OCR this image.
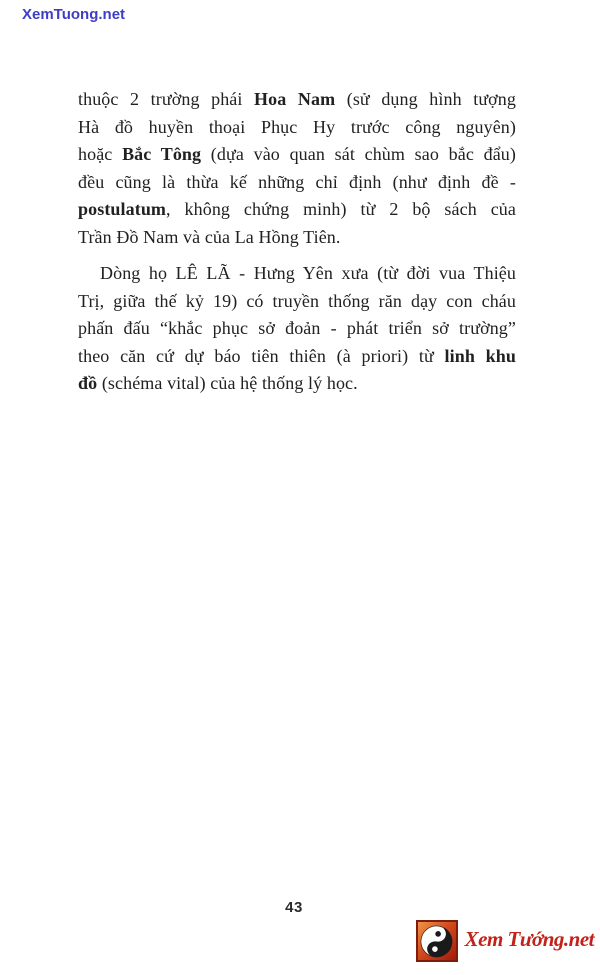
XemTuong.net
thuộc 2 trường phái Hoa Nam (sử dụng hình tượng
Hà đồ huyền thoại Phục Hy trước công nguyên)
hoặc Bắc Tông (dựa vào quan sát chùm sao bắc đẩu)
đều cũng là thừa kế những chỉ định (như định đề -
postulatum, không chứng minh) từ 2 bộ sách của
Trần Đồ Nam và của La Hồng Tiên.
Dòng họ LÊ LÃ - Hưng Yên xưa (từ đời vua Thiệu
Trị, giữa thế kỷ 19) có truyền thống răn dạy con cháu
phấn đấu “khắc phục sở đoản - phát triển sở trường”
theo căn cứ dự báo tiên thiên (à priori) từ linh khu
đồ (schéma vital) của hệ thống lý học.
43
Xem Tướng.net
